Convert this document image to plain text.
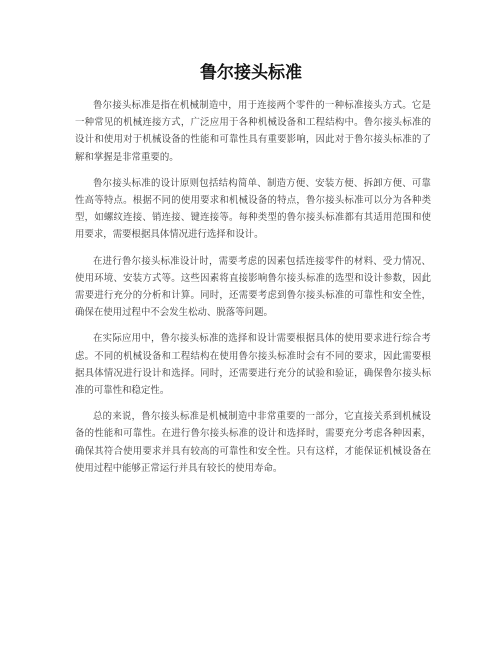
鲁尔接头标准

鲁尔接头标准是指在机械制造中，用于连接两个零件的一种标准接头方式。它是一种常见的机械连接方式，广泛应用于各种机械设备和工程结构中。鲁尔接头标准的设计和使用对于机械设备的性能和可靠性具有重要影响，因此对于鲁尔接头标准的了解和掌握是非常重要的。

鲁尔接头标准的设计原则包括结构简单、制造方便、安装方便、拆卸方便、可靠性高等特点。根据不同的使用要求和机械设备的特点，鲁尔接头标准可以分为各种类型，如螺纹连接、销连接、键连接等。每种类型的鲁尔接头标准都有其适用范围和使用要求，需要根据具体情况进行选择和设计。

在进行鲁尔接头标准设计时，需要考虑的因素包括连接零件的材料、受力情况、使用环境、安装方式等。这些因素将直接影响鲁尔接头标准的选型和设计参数，因此需要进行充分的分析和计算。同时，还需要考虑到鲁尔接头标准的可靠性和安全性，确保在使用过程中不会发生松动、脱落等问题。

在实际应用中，鲁尔接头标准的选择和设计需要根据具体的使用要求进行综合考虑。不同的机械设备和工程结构在使用鲁尔接头标准时会有不同的要求，因此需要根据具体情况进行设计和选择。同时，还需要进行充分的试验和验证，确保鲁尔接头标准的可靠性和稳定性。

总的来说，鲁尔接头标准是机械制造中非常重要的一部分，它直接关系到机械设备的性能和可靠性。在进行鲁尔接头标准的设计和选择时，需要充分考虑各种因素，确保其符合使用要求并具有较高的可靠性和安全性。只有这样，才能保证机械设备在使用过程中能够正常运行并具有较长的使用寿命。
